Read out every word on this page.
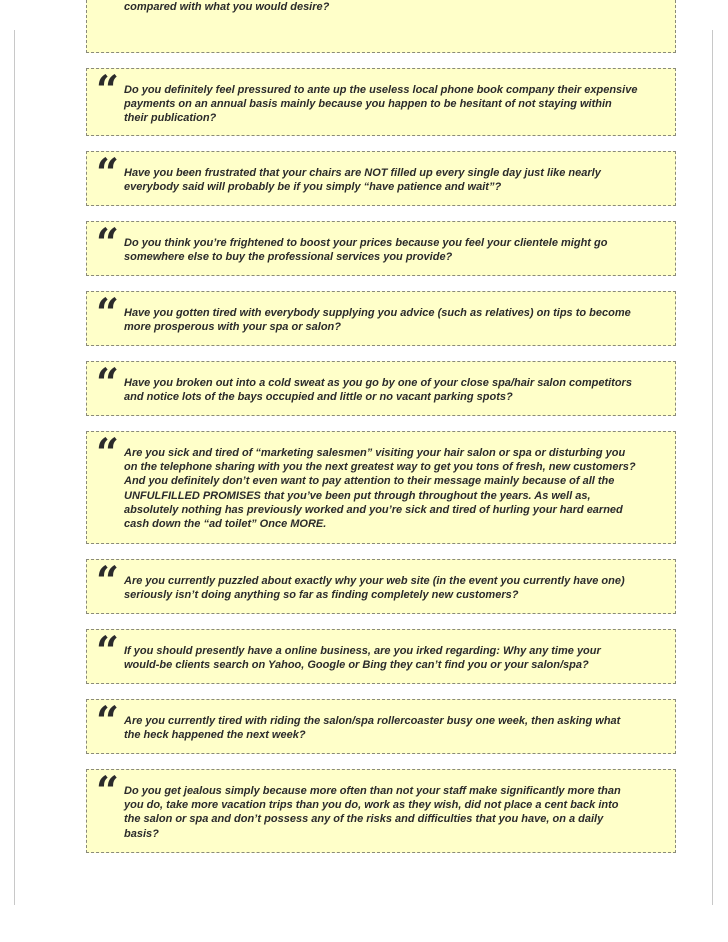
compared with what you would desire?

“ Do you definitely feel pressured to ante up the useless local phone book company their expensive
payments on an annual basis mainly because you happen to be hesitant of not staying within
their publication?

“ Have you been frustrated that your chairs are NOT filled up every single day just like nearly
everybody said will probably be if you simply “have patience and wait”?

“ Do you think you’re frightened to boost your prices because you feel your clientele might go
somewhere else to buy the professional services you provide?

“ Have you gotten tired with everybody supplying you advice (such as relatives) on tips to become
more prosperous with your spa or salon?

“ Have you broken out into a cold sweat as you go by one of your close spa/hair salon competitors
and notice lots of the bays occupied and little or no vacant parking spots?

“ Are you sick and tired of “marketing salesmen” visiting your hair salon or spa or disturbing you
on the telephone sharing with you the next greatest way to get you tons of fresh, new customers?
And you definitely don’t even want to pay attention to their message mainly because of all the
UNFULFILLED PROMISES that you’ve been put through throughout the years. As well as,
absolutely nothing has previously worked and you’re sick and tired of hurling your hard earned
cash down the “ad toilet” Once MORE.

“ Are you currently puzzled about exactly why your web site (in the event you currently have one)
seriously isn’t doing anything so far as finding completely new customers?

“ If you should presently have a online business, are you irked regarding: Why any time your
would-be clients search on Yahoo, Google or Bing they can’t find you or your salon/spa?

“ Are you currently tired with riding the salon/spa rollercoaster busy one week, then asking what
the heck happened the next week?

“ Do you get jealous simply because more often than not your staff make significantly more than
you do, take more vacation trips than you do, work as they wish, did not place a cent back into
the salon or spa and don’t possess any of the risks and difficulties that you have, on a daily
basis?
